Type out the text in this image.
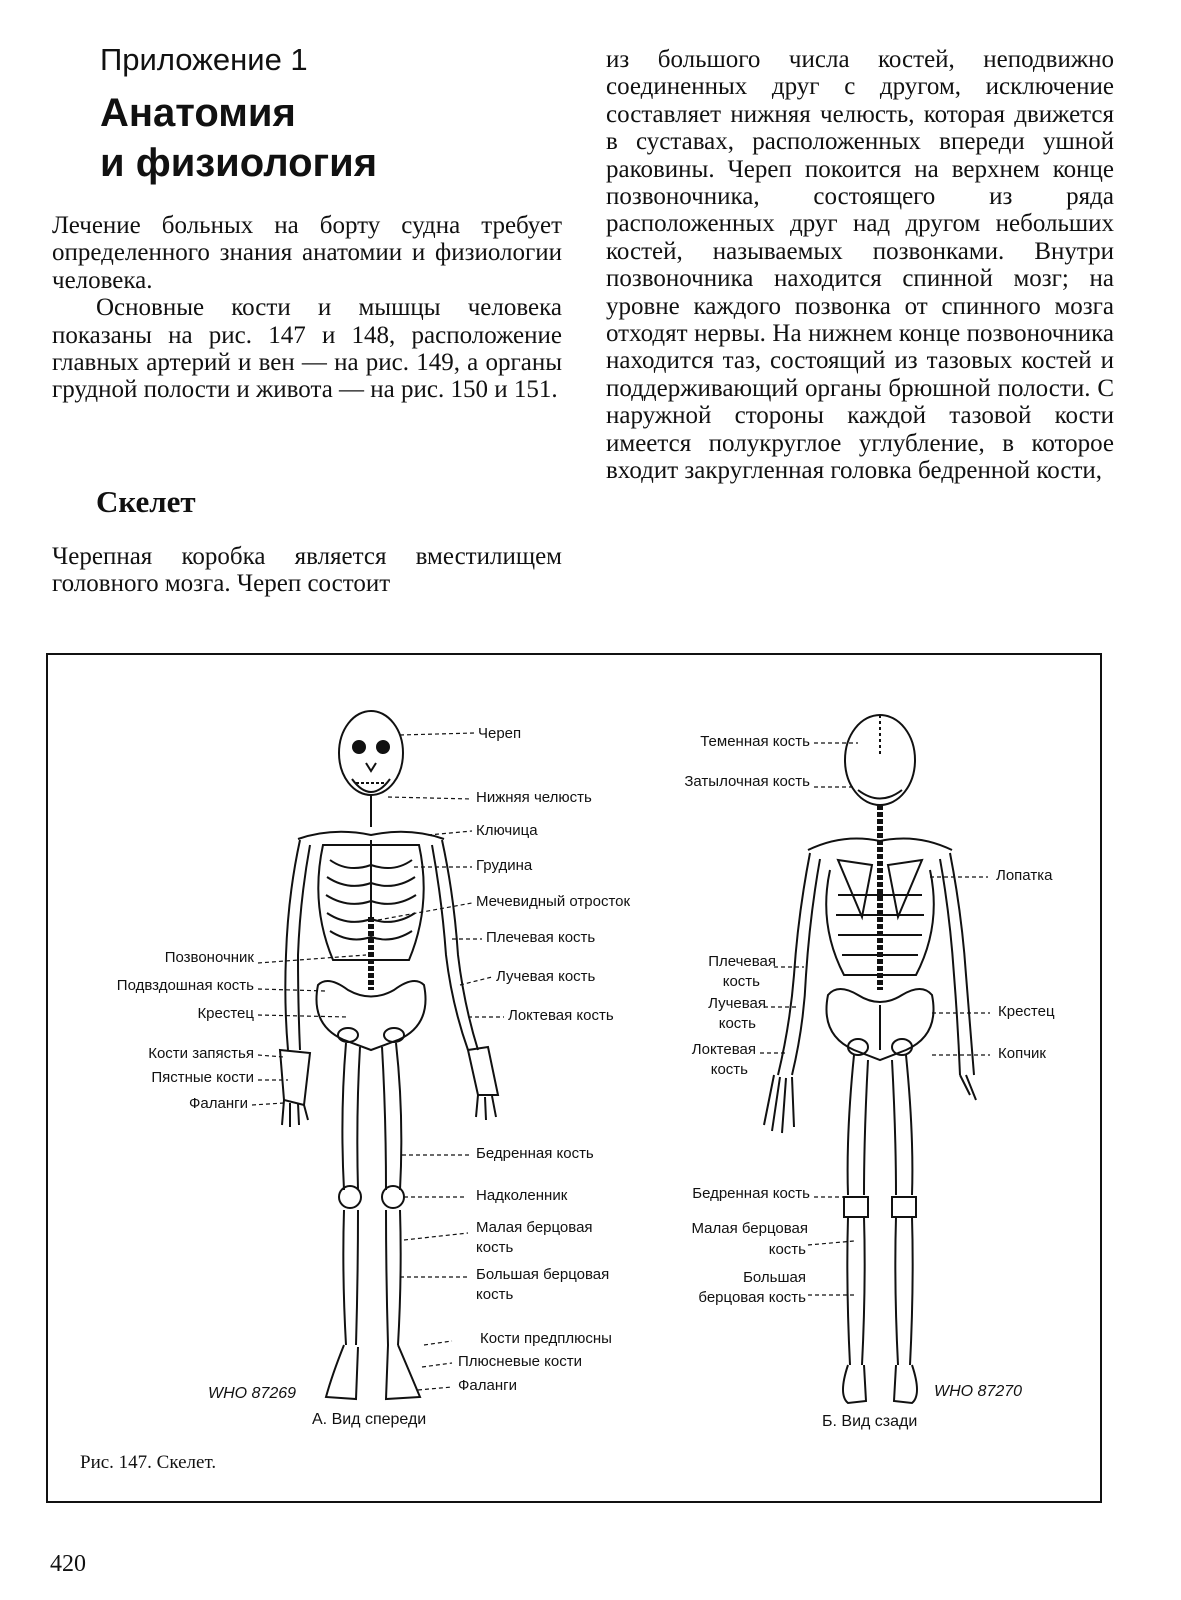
Приложение 1
Анатомия
и физиология

Лечение больных на борту судна требует определенного знания анатомии и физиологии человека.

Основные кости и мышцы человека показаны на рис. 147 и 148, расположение главных артерий и вен — на рис. 149, а органы грудной полости и живота — на рис. 150 и 151.

Скелет

Черепная коробка является вместилищем головного мозга. Череп состоит

из большого числа костей, неподвижно соединенных друг с другом, исключение составляет нижняя челюсть, которая движется в суставах, расположенных впереди ушной раковины. Череп покоится на верхнем конце позвоночника, состоящего из ряда расположенных друг над другом небольших костей, называемых позвонками. Внутри позвоночника находится спинной мозг; на уровне каждого позвонка от спинного мозга отходят нервы. На нижнем конце позвоночника находится таз, состоящий из тазовых костей и поддерживающий органы брюшной полости. С наружной стороны каждой тазовой кости имеется полукруглое углубление, в которое входит закругленная головка бедренной кости,

Череп
Нижняя челюсть
Ключица
Грудина
Мечевидный отросток
Плечевая кость
Лучевая кость
Локтевая кость
Бедренная кость
Надколенник
Малая берцовая
кость
Большая берцовая
кость
Кости предплюсны
Плюсневые кости
Фаланги
Позвоночник
Подвздошная кость
Крестец
Кости запястья
Пястные кости
Фаланги
WHO 87269
А. Вид спереди
Теменная кость
Затылочная кость
Плечевая
кость
Лучевая
кость
Локтевая
кость
Бедренная кость
Малая берцовая
кость
Большая
берцовая кость
Лопатка
Крестец
Копчик
WHO 87270
Б. Вид сзади
Рис. 147. Скелет.
420
